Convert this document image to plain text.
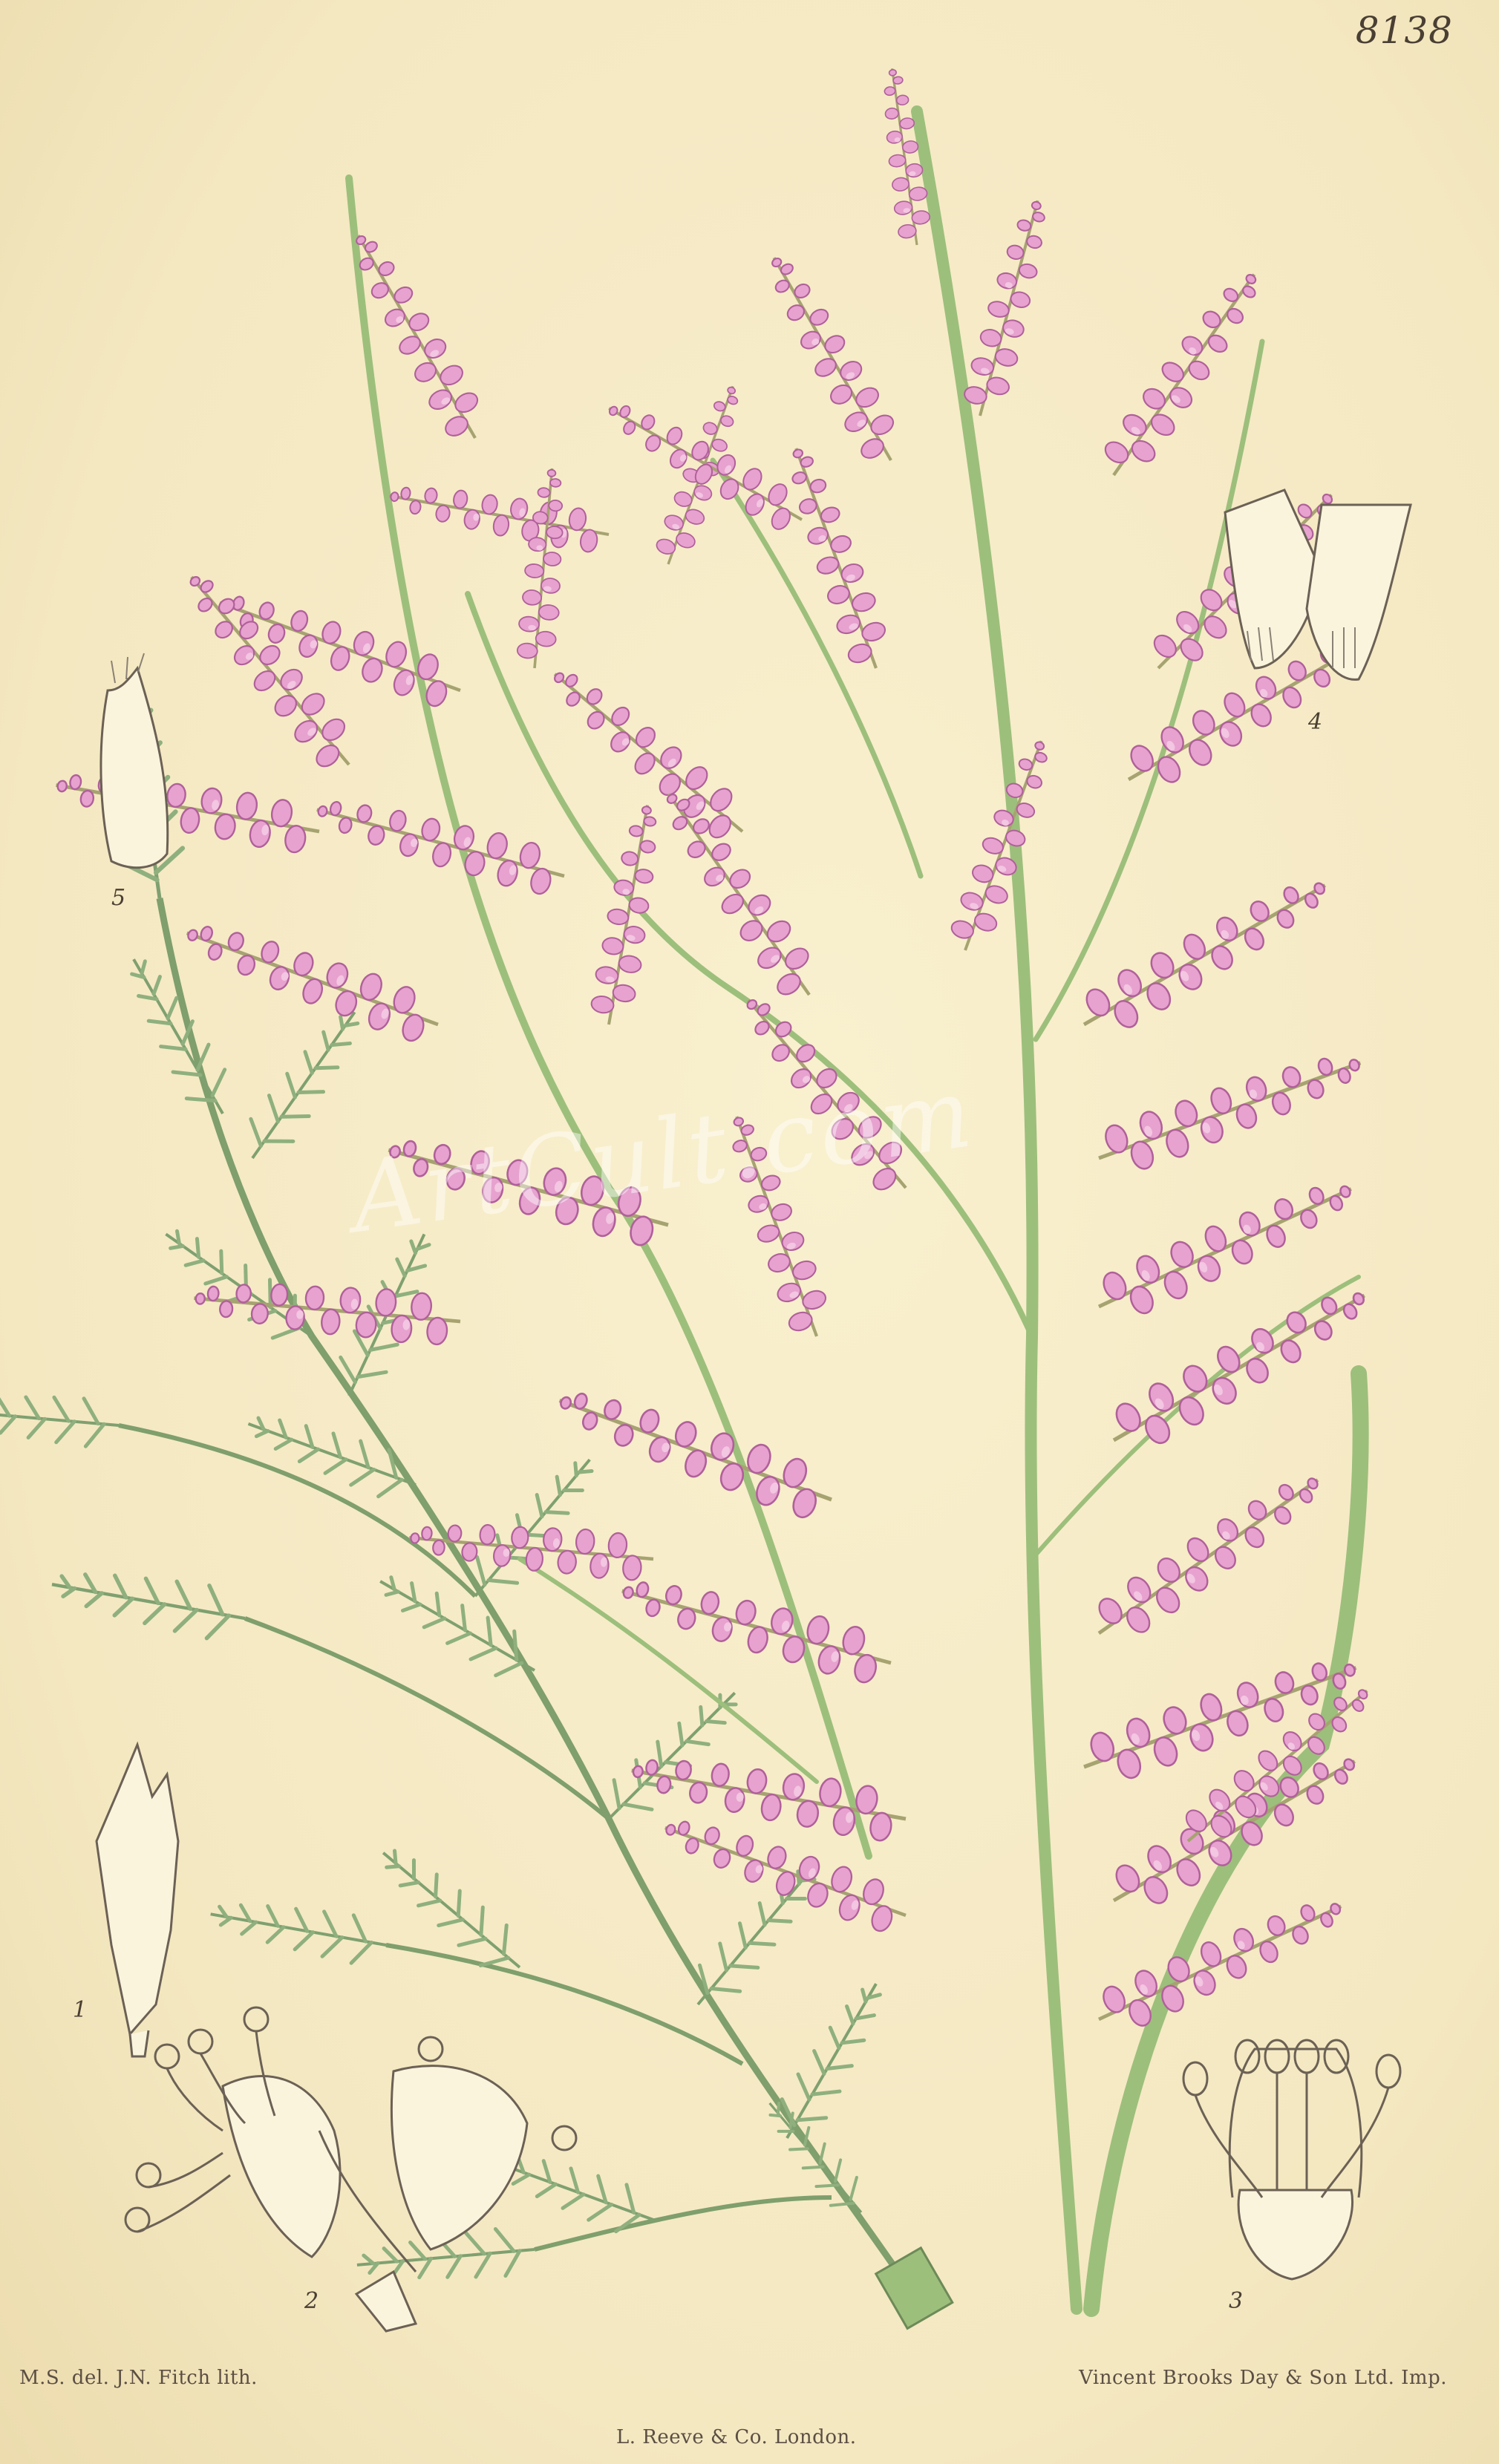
8138
ArtCult.com
4
5
1
2	3
M.S. del. J.N. Fitch lith.	Vincent Brooks Day & Son Ltd. Imp.
L. Reeve & Co. London.
